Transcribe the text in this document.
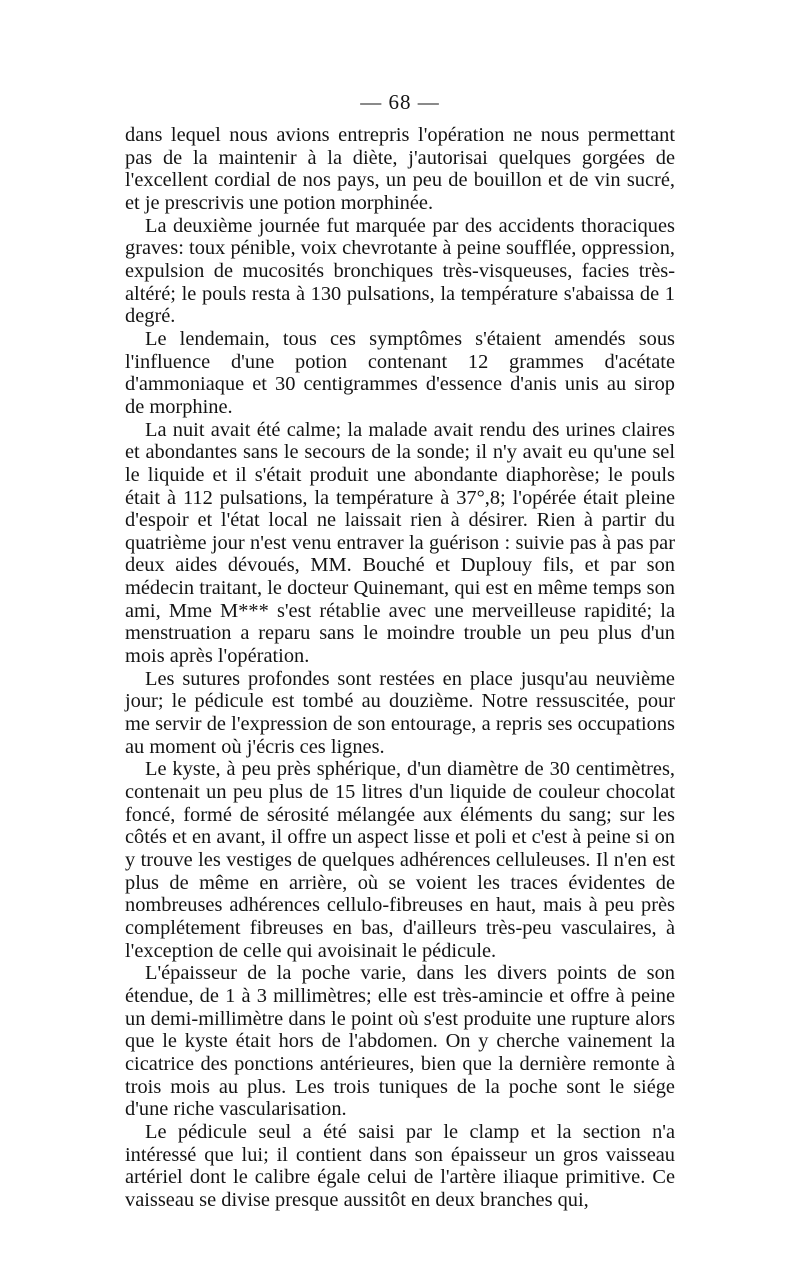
— 68 —

dans lequel nous avions entrepris l'opération ne nous permettant pas de la maintenir à la diète, j'autorisai quelques gorgées de l'excellent cordial de nos pays, un peu de bouillon et de vin sucré, et je prescrivis une potion morphinée.

La deuxième journée fut marquée par des accidents thoraciques graves: toux pénible, voix chevrotante à peine soufflée, oppression, expulsion de mucosités bronchiques très-visqueuses, facies très-altéré; le pouls resta à 130 pulsations, la température s'abaissa de 1 degré.

Le lendemain, tous ces symptômes s'étaient amendés sous l'influence d'une potion contenant 12 grammes d'acétate d'ammoniaque et 30 centigrammes d'essence d'anis unis au sirop de morphine.

La nuit avait été calme; la malade avait rendu des urines claires et abondantes sans le secours de la sonde; il n'y avait eu qu'une sel le liquide et il s'était produit une abondante diaphorèse; le pouls était à 112 pulsations, la température à 37°,8; l'opérée était pleine d'espoir et l'état local ne laissait rien à désirer. Rien à partir du quatrième jour n'est venu entraver la guérison : suivie pas à pas par deux aides dévoués, MM. Bouché et Duplouy fils, et par son médecin traitant, le docteur Quinemant, qui est en même temps son ami, Mme M*** s'est rétablie avec une merveilleuse rapidité; la menstruation a reparu sans le moindre trouble un peu plus d'un mois après l'opération.

Les sutures profondes sont restées en place jusqu'au neuvième jour; le pédicule est tombé au douzième. Notre ressuscitée, pour me servir de l'expression de son entourage, a repris ses occupations au moment où j'écris ces lignes.

Le kyste, à peu près sphérique, d'un diamètre de 30 centimètres, contenait un peu plus de 15 litres d'un liquide de couleur chocolat foncé, formé de sérosité mélangée aux éléments du sang; sur les côtés et en avant, il offre un aspect lisse et poli et c'est à peine si on y trouve les vestiges de quelques adhérences celluleuses. Il n'en est plus de même en arrière, où se voient les traces évidentes de nombreuses adhérences cellulo-fibreuses en haut, mais à peu près complétement fibreuses en bas, d'ailleurs très-peu vasculaires, à l'exception de celle qui avoisinait le pédicule.

L'épaisseur de la poche varie, dans les divers points de son étendue, de 1 à 3 millimètres; elle est très-amincie et offre à peine un demi-millimètre dans le point où s'est produite une rupture alors que le kyste était hors de l'abdomen. On y cherche vainement la cicatrice des ponctions antérieures, bien que la dernière remonte à trois mois au plus. Les trois tuniques de la poche sont le siége d'une riche vascularisation.

Le pédicule seul a été saisi par le clamp et la section n'a intéressé que lui; il contient dans son épaisseur un gros vaisseau artériel dont le calibre égale celui de l'artère iliaque primitive. Ce vaisseau se divise presque aussitôt en deux branches qui,
